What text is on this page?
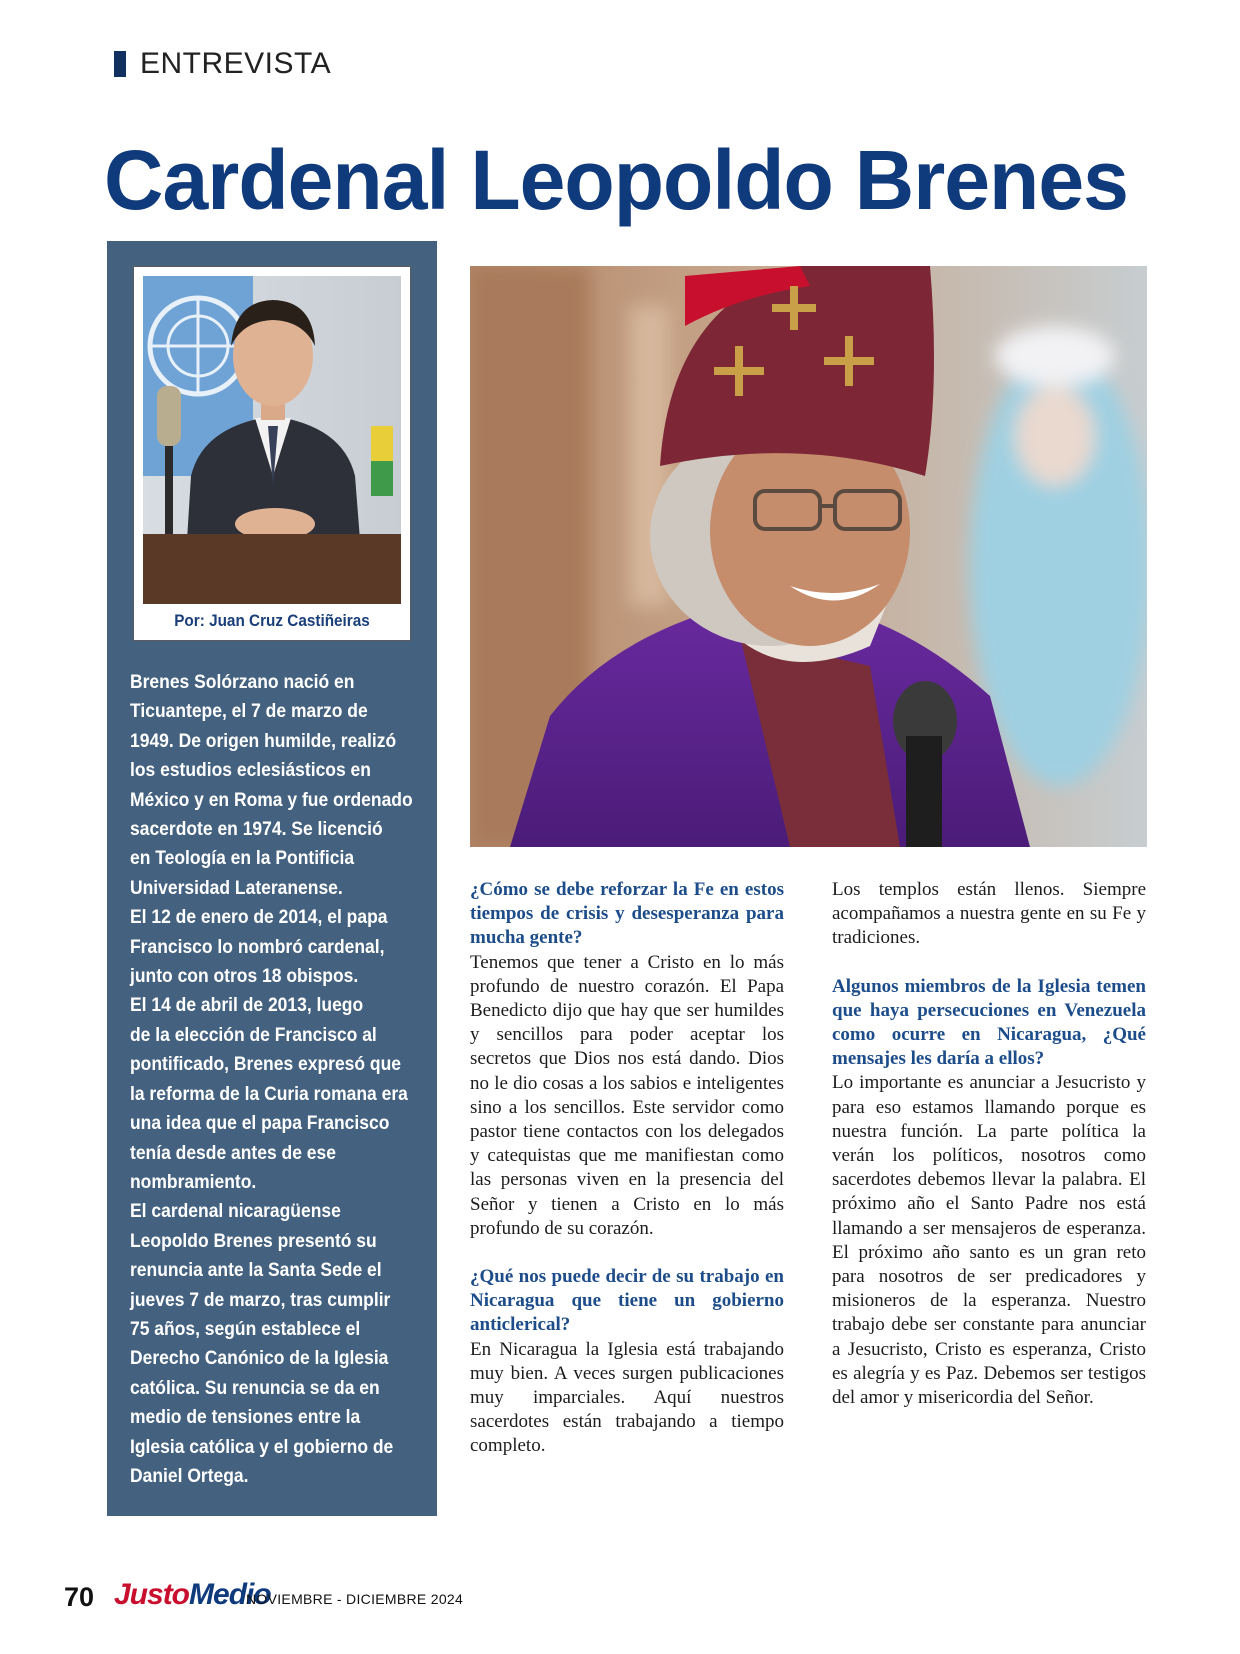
ENTREVISTA
Cardenal Leopoldo Brenes
Por: Juan Cruz Castiñeiras

Brenes Solórzano nació en

Ticuantepe, el 7 de marzo de

1949. De origen humilde, realizó

los estudios eclesiásticos en

México y en Roma y fue ordenado

sacerdote en 1974. Se licenció

en Teología en la Pontificia

Universidad Lateranense.

El 12 de enero de 2014, el papa

Francisco lo nombró cardenal,

junto con otros 18 obispos.

El 14 de abril de 2013, luego

de la elección de Francisco al

pontificado, Brenes expresó que

la reforma de la Curia romana era

una idea que el papa Francisco

tenía desde antes de ese

nombramiento.

El cardenal nicaragüense

Leopoldo Brenes presentó su

renuncia ante la Santa Sede el

jueves 7 de marzo, tras cumplir

75 años, según establece el

Derecho Canónico de la Iglesia

católica. Su renuncia se da en

medio de tensiones entre la

Iglesia católica y el gobierno de

Daniel Ortega.

¿Cómo se debe reforzar la Fe en estos tiempos de crisis y desesperanza para mucha gente?

Tenemos que tener a Cristo en lo más profundo de nuestro corazón. El Papa Benedicto dijo que hay que ser humildes y sencillos para poder aceptar los secretos que Dios nos está dando. Dios no le dio cosas a los sabios e inteligentes sino a los sencillos. Este servidor como pastor tiene contactos con los delegados y catequistas que me manifiestan como las personas viven en la presencia del Señor y tienen a Cristo en lo más profundo de su corazón.

¿Qué nos puede decir de su trabajo en Nicaragua que tiene un gobierno anticlerical?

En Nicaragua la Iglesia está trabajando muy bien. A veces surgen publicaciones muy imparciales. Aquí nuestros sacerdotes están trabajando a tiempo completo.

Los templos están llenos. Siempre acompañamos a nuestra gente en su Fe y tradiciones.

Algunos miembros de la Iglesia temen que haya persecuciones en Venezuela como ocurre en Nicaragua, ¿Qué mensajes les daría a ellos?

Lo importante es anunciar a Jesucristo y para eso estamos llamando porque es nuestra función. La parte política la verán los políticos, nosotros como sacerdotes debemos llevar la palabra. El próximo año el Santo Padre nos está llamando a ser mensajeros de esperanza. El próximo año santo es un gran reto para nosotros de ser predicadores y misioneros de la esperanza. Nuestro trabajo debe ser constante para anunciar a Jesucristo, Cristo es esperanza, Cristo es alegría y es Paz. Debemos ser testigos del amor y misericordia del Señor.

70 JustoMedio
NOVIEMBRE - DICIEMBRE 2024
